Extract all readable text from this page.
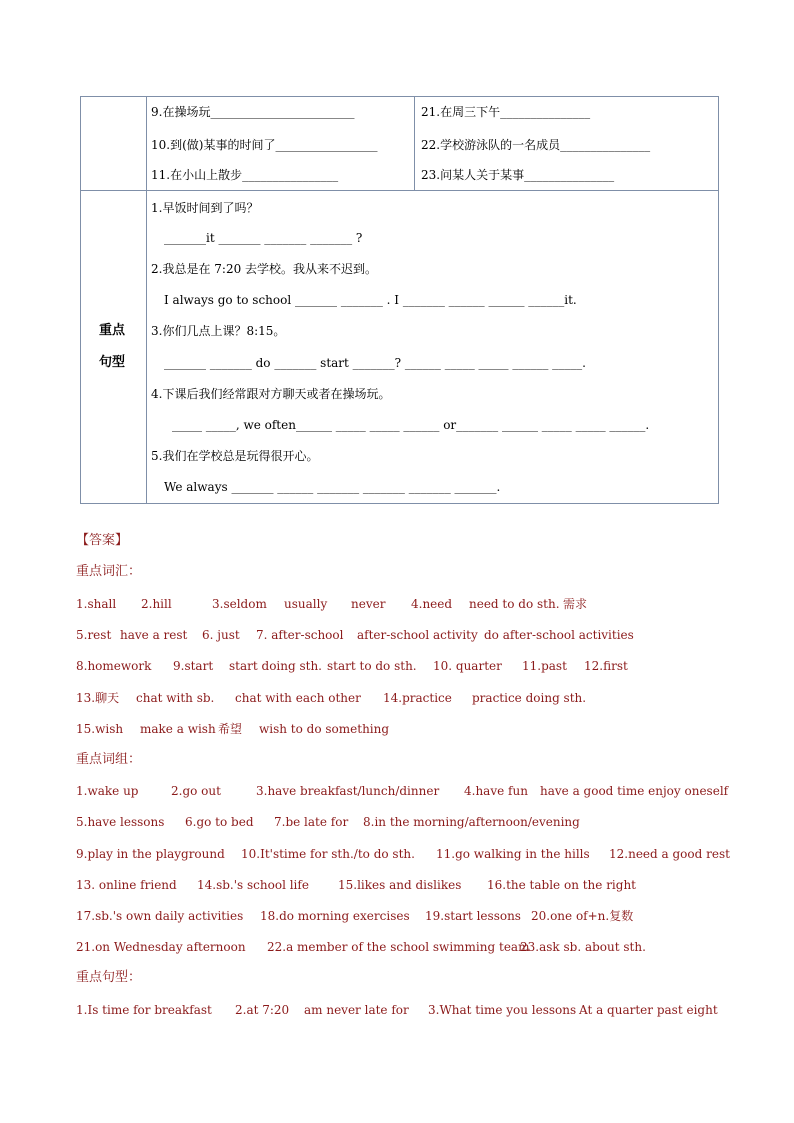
9.在操场玩________________________
10.到(做)某事的时间了_________________
11.在小山上散步________________
21.在周三下午_______________
22.学校游泳队的一名成员_______________
23.问某人关于某事_______________
重点
句型
1.早饭时间到了吗？
_______it _______ _______ _______ ?
2.我总是在 7:20 去学校。我从来不迟到。
I always go to school _______ _______ . I _______ ______ ______ ______it.
3.你们几点上课？8:15。
_______ _______ do _______ start _______? ______ _____ _____ ______ _____.
4.下课后我们经常跟对方聊天或者在操场玩。
_____ _____, we often______ _____ _____ ______ or_______ ______ _____ _____ ______.
5.我们在学校总是玩得很开心。
We always _______ ______ _______ _______ _______ _______.
【答案】
重点词汇：
1.shall 2.hill	3.seldom usually never 4.need need to do sth. 需求
5.rest have a rest 6. just 7. after-school after-school activity do after-school activities
8.homework 9.start start doing sth. start to do sth. 10. quarter 11.past 12.first
13.聊天 chat with sb. chat with each other 14.practice practice doing sth.
15.wish make a wish 希望 wish to do something
重点词组：
1.wake up	2.go out	3.have breakfast/lunch/dinner 4.have fun have a good time enjoy oneself
5.have lessons 6.go to bed 7.be late for 8.in the morning/afternoon/evening
9.play in the playground 10.It'stime for sth./to do sth. 11.go walking in the hills 12.need a good rest
13. online friend 14.sb.'s school life 15.likes and dislikes 16.the table on the right
17.sb.'s own daily activities 18.do morning exercises 19.start lessons 20.one of+n.复数
21.on Wednesday afternoon 22.a member of the school swimming team
23.ask sb. about sth.
重点句型：
1.Is time for breakfast 2.at 7:20 am never late for 3.What time you lessons At a quarter past eight
